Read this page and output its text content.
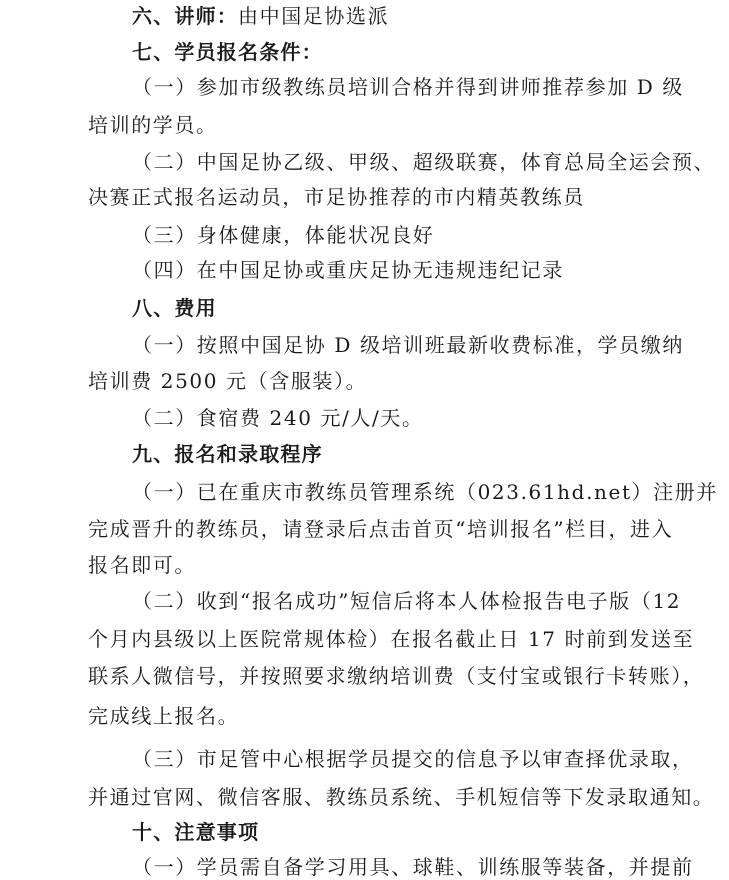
六、讲师：由中国足协选派
七、学员报名条件：
（一）参加市级教练员培训合格并得到讲师推荐参加 D 级
培训的学员。
（二）中国足协乙级、甲级、超级联赛，体育总局全运会预、
决赛正式报名运动员，市足协推荐的市内精英教练员
（三）身体健康，体能状况良好
（四）在中国足协或重庆足协无违规违纪记录
八、费用
（一）按照中国足协 D 级培训班最新收费标准，学员缴纳
培训费 2500 元（含服装）。
（二）食宿费 240 元/人/天。
九、报名和录取程序
（一）已在重庆市教练员管理系统（023.61hd.net）注册并
完成晋升的教练员，请登录后点击首页“培训报名”栏目，进入
报名即可。
（二）收到“报名成功”短信后将本人体检报告电子版（12
个月内县级以上医院常规体检）在报名截止日 17 时前到发送至
联系人微信号，并按照要求缴纳培训费（支付宝或银行卡转账），
完成线上报名。
（三）市足管中心根据学员提交的信息予以审查择优录取，
并通过官网、微信客服、教练员系统、手机短信等下发录取通知。
十、注意事项
（一）学员需自备学习用具、球鞋、训练服等装备，并提前
